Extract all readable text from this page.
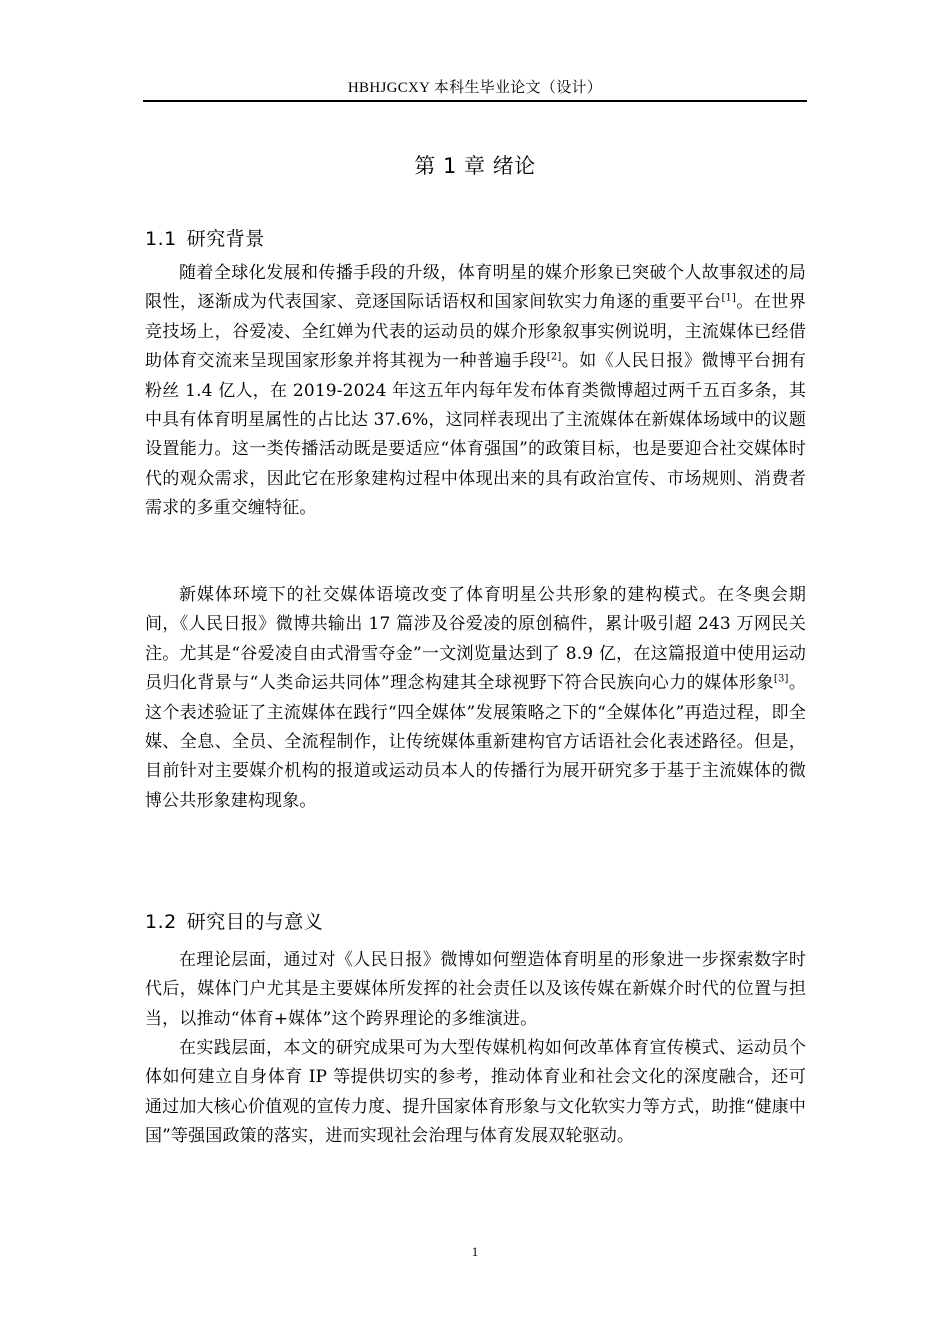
HBHJGCXY 本科生毕业论文（设计）
第 1 章 绪论
1.1 研究背景

随着全球化发展和传播手段的升级，体育明星的媒介形象已突破个人故事叙述的局限性，逐渐成为代表国家、竞逐国际话语权和国家间软实力角逐的重要平台[1]。在世界竞技场上，谷爱凌、全红婵为代表的运动员的媒介形象叙事实例说明，主流媒体已经借助体育交流来呈现国家形象并将其视为一种普遍手段[2]。如《人民日报》微博平台拥有粉丝 1.4 亿人，在 2019-2024 年这五年内每年发布体育类微博超过两千五百多条，其中具有体育明星属性的占比达 37.6%，这同样表现出了主流媒体在新媒体场域中的议题设置能力。这一类传播活动既是要适应“体育强国”的政策目标，也是要迎合社交媒体时代的观众需求，因此它在形象建构过程中体现出来的具有政治宣传、市场规则、消费者需求的多重交缠特征。

新媒体环境下的社交媒体语境改变了体育明星公共形象的建构模式。在冬奥会期间，《人民日报》微博共输出 17 篇涉及谷爱凌的原创稿件，累计吸引超 243 万网民关注。尤其是“谷爱凌自由式滑雪夺金”一文浏览量达到了 8.9 亿，在这篇报道中使用运动员归化背景与“人类命运共同体”理念构建其全球视野下符合民族向心力的媒体形象[3]。这个表述验证了主流媒体在践行“四全媒体”发展策略之下的“全媒体化”再造过程，即全媒、全息、全员、全流程制作，让传统媒体重新建构官方话语社会化表述路径。但是，目前针对主要媒介机构的报道或运动员本人的传播行为展开研究多于基于主流媒体的微博公共形象建构现象。

1.2 研究目的与意义

在理论层面，通过对《人民日报》微博如何塑造体育明星的形象进一步探索数字时代后，媒体门户尤其是主要媒体所发挥的社会责任以及该传媒在新媒介时代的位置与担当，以推动“体育+媒体”这个跨界理论的多维演进。

在实践层面，本文的研究成果可为大型传媒机构如何改革体育宣传模式、运动员个体如何建立自身体育 IP 等提供切实的参考，推动体育业和社会文化的深度融合，还可通过加大核心价值观的宣传力度、提升国家体育形象与文化软实力等方式，助推“健康中国”等强国政策的落实，进而实现社会治理与体育发展双轮驱动。

1
